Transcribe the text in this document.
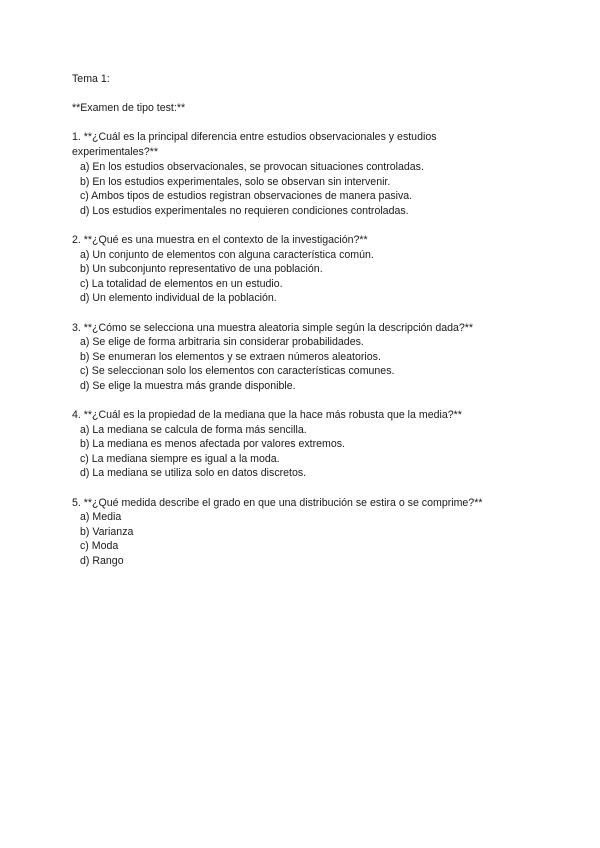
Tema 1:
**Examen de tipo test:**
1. **¿Cuál es la principal diferencia entre estudios observacionales y estudios
experimentales?**
a) En los estudios observacionales, se provocan situaciones controladas.
b) En los estudios experimentales, solo se observan sin intervenir.
c) Ambos tipos de estudios registran observaciones de manera pasiva.
d) Los estudios experimentales no requieren condiciones controladas.
2. **¿Qué es una muestra en el contexto de la investigación?**
a) Un conjunto de elementos con alguna característica común.
b) Un subconjunto representativo de una población.
c) La totalidad de elementos en un estudio.
d) Un elemento individual de la población.
3. **¿Cómo se selecciona una muestra aleatoria simple según la descripción dada?**
a) Se elige de forma arbitraria sin considerar probabilidades.
b) Se enumeran los elementos y se extraen números aleatorios.
c) Se seleccionan solo los elementos con características comunes.
d) Se elige la muestra más grande disponible.
4. **¿Cuál es la propiedad de la mediana que la hace más robusta que la media?**
a) La mediana se calcula de forma más sencilla.
b) La mediana es menos afectada por valores extremos.
c) La mediana siempre es igual a la moda.
d) La mediana se utiliza solo en datos discretos.
5. **¿Qué medida describe el grado en que una distribución se estira o se comprime?**
a) Media
b) Varianza
c) Moda
d) Rango
